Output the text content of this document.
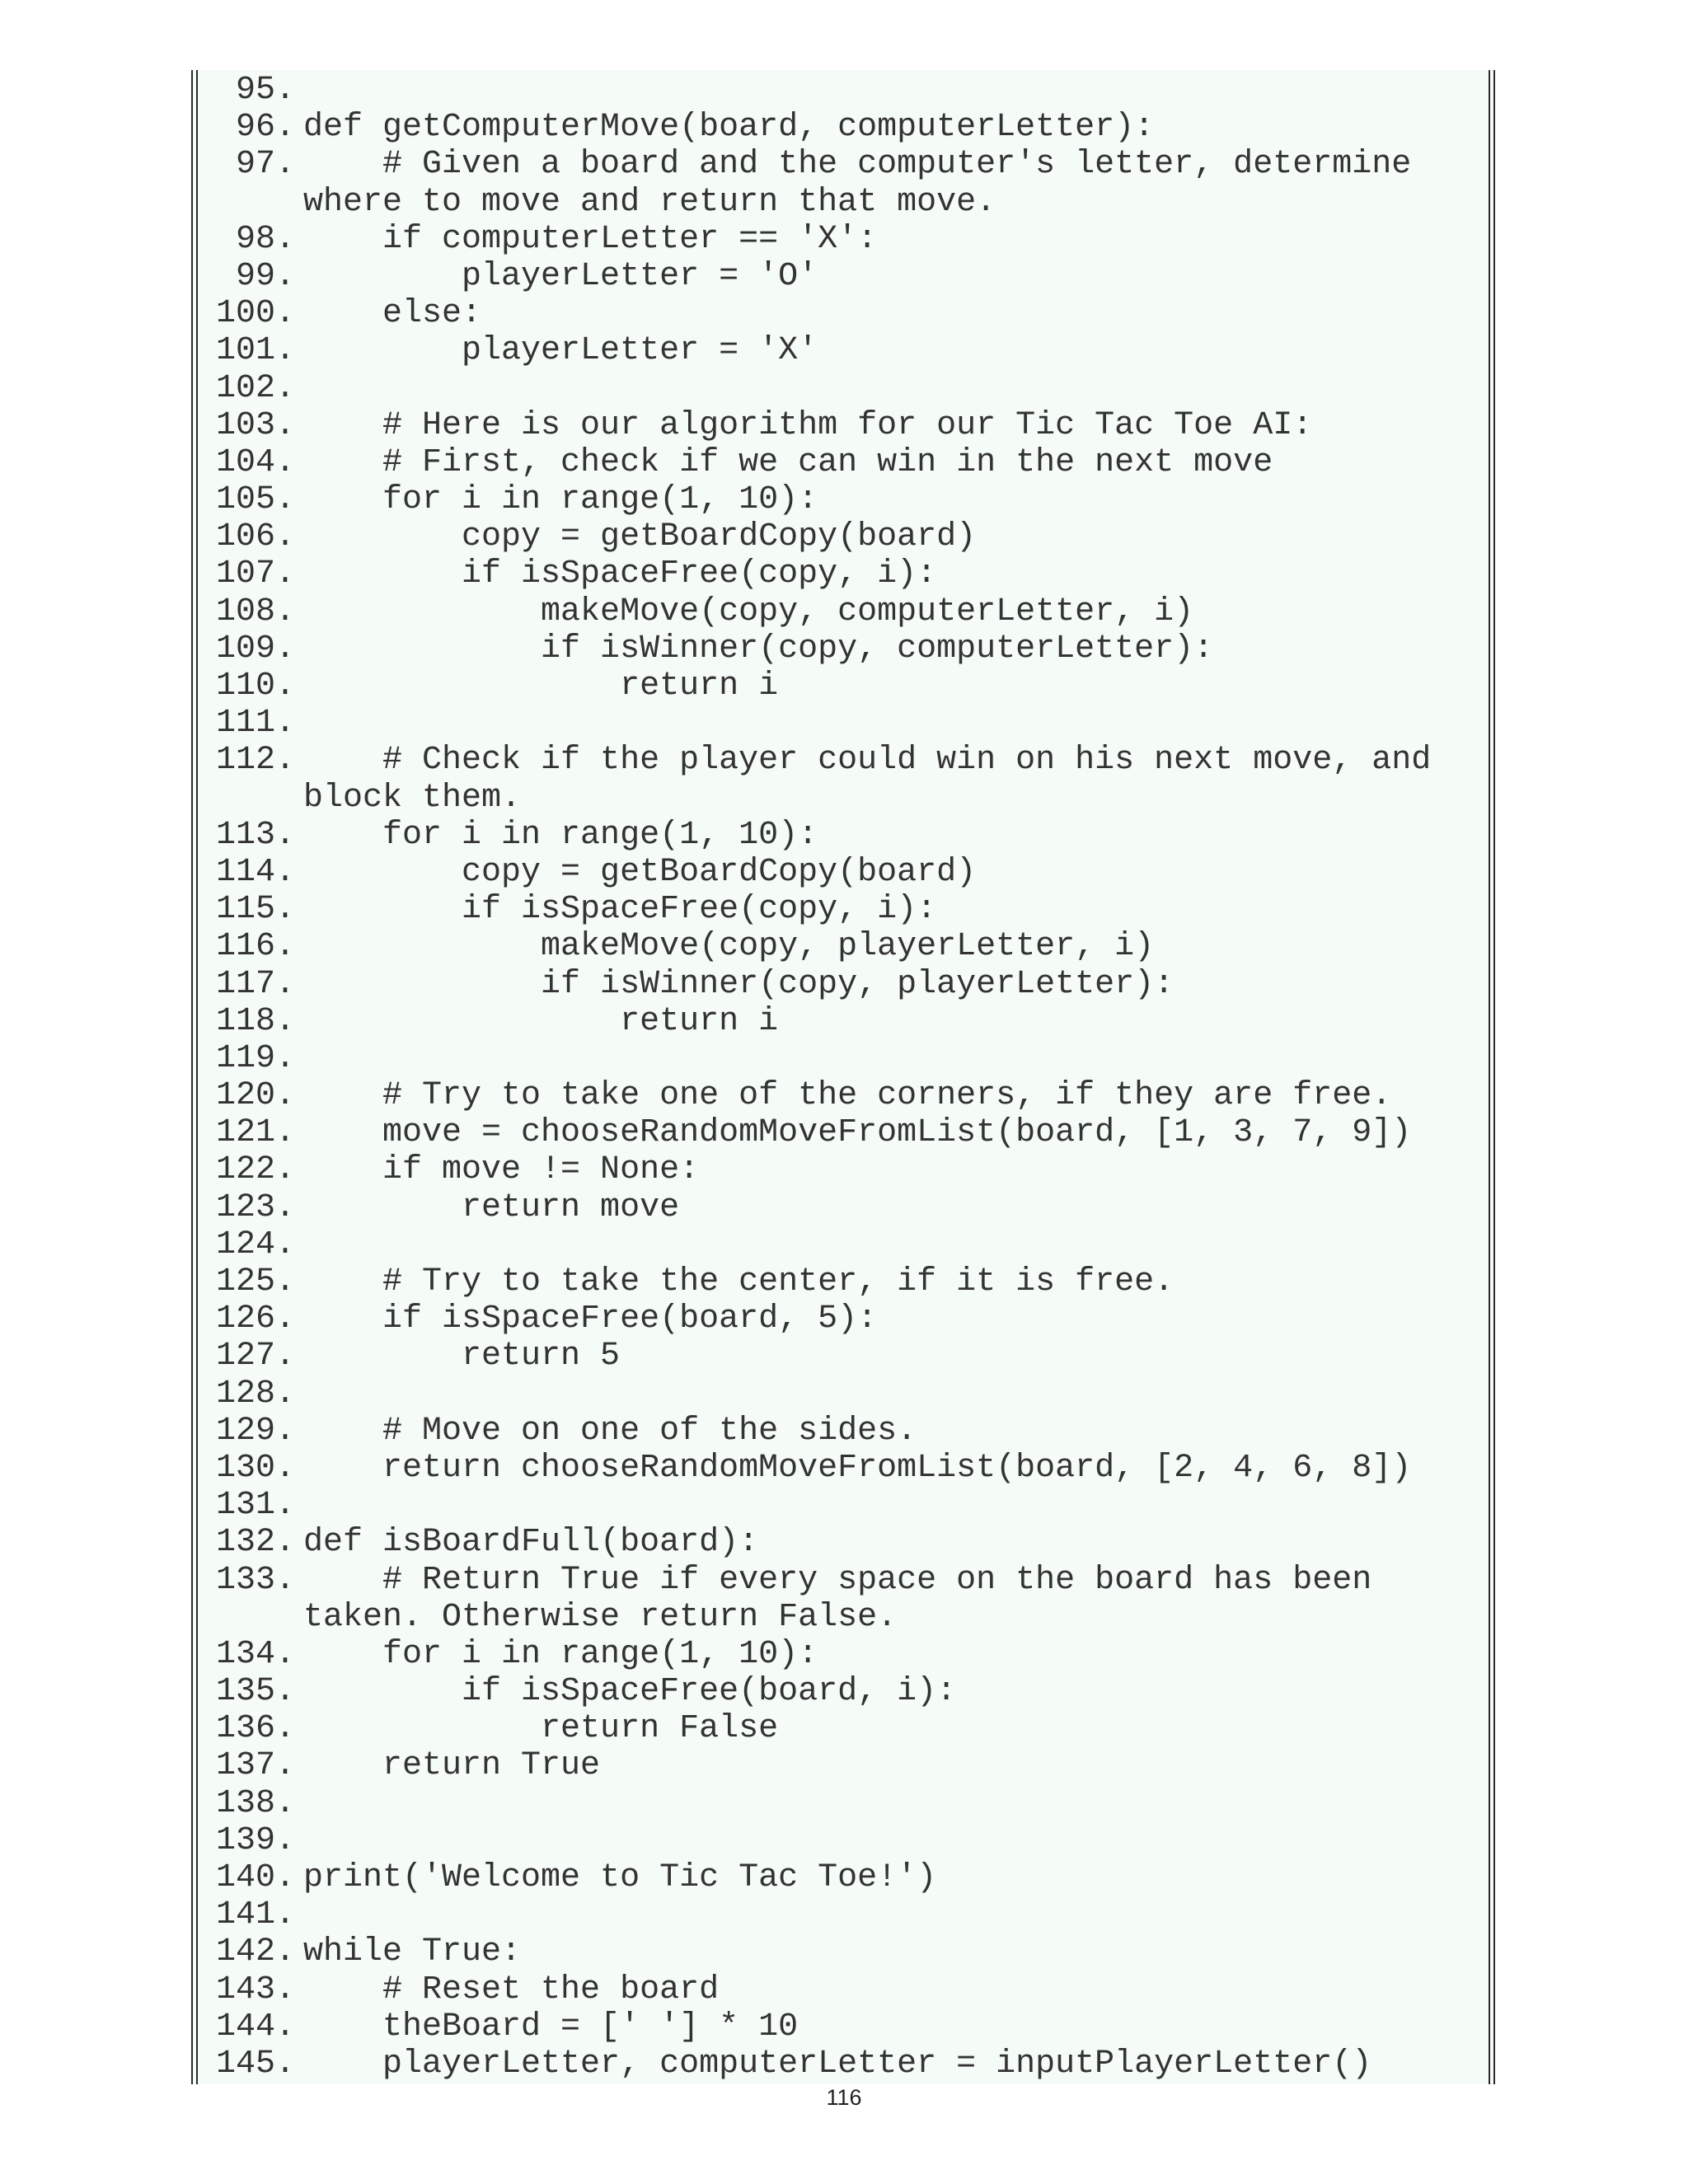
95.
96. def getComputerMove(board, computerLetter):
97. # Given a board and the computer's letter, determine where to move and return that move.
98. if computerLetter == 'X':
99. playerLetter = 'O'
100. else:
101. playerLetter = 'X'
102.
103. # Here is our algorithm for our Tic Tac Toe AI:
104. # First, check if we can win in the next move
105. for i in range(1, 10):
106. copy = getBoardCopy(board)
107. if isSpaceFree(copy, i):
108. makeMove(copy, computerLetter, i)
109. if isWinner(copy, computerLetter):
110. return i
111.
112. # Check if the player could win on his next move, and block them.
113. for i in range(1, 10):
114. copy = getBoardCopy(board)
115. if isSpaceFree(copy, i):
116. makeMove(copy, playerLetter, i)
117. if isWinner(copy, playerLetter):
118. return i
119.
120. # Try to take one of the corners, if they are free.
121. move = chooseRandomMoveFromList(board, [1, 3, 7, 9])
122. if move != None:
123. return move
124.
125. # Try to take the center, if it is free.
126. if isSpaceFree(board, 5):
127. return 5
128.
129. # Move on one of the sides.
130. return chooseRandomMoveFromList(board, [2, 4, 6, 8])
131.
132. def isBoardFull(board):
133. # Return True if every space on the board has been taken. Otherwise return False.
134. for i in range(1, 10):
135. if isSpaceFree(board, i):
136. return False
137. return True
138.
139.
140. print('Welcome to Tic Tac Toe!')
141.
142. while True:
143. # Reset the board
144. theBoard = [' '] * 10
145. playerLetter, computerLetter = inputPlayerLetter()
116
